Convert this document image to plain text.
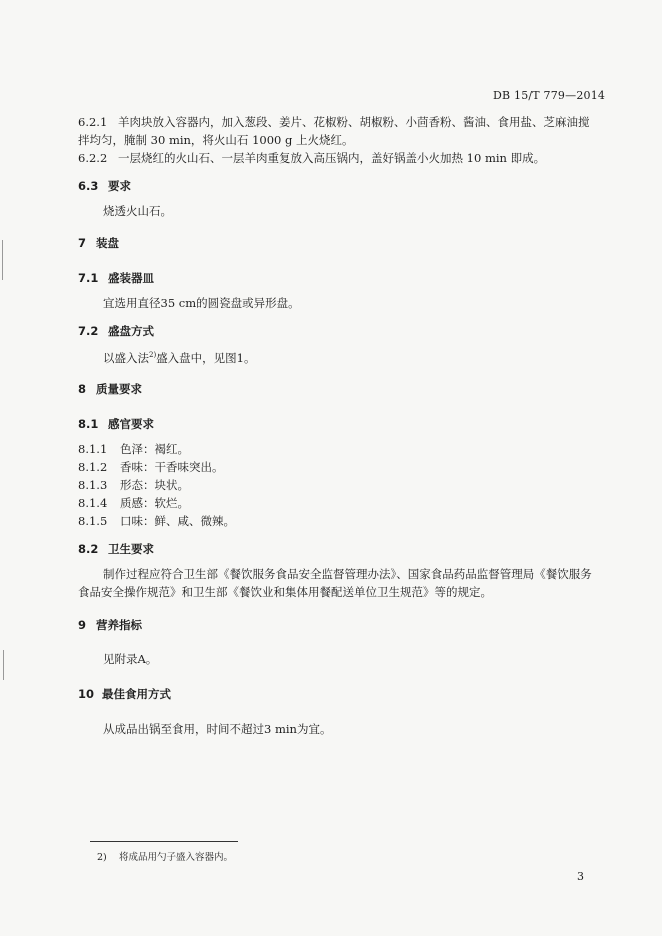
DB 15/T 779—2014
6.2.1 羊肉块放入容器内，加入葱段、姜片、花椒粉、胡椒粉、小茴香粉、酱油、食用盐、芝麻油搅
拌均匀，腌制 30 min，将火山石 1000 g 上火烧红。
6.2.2 一层烧红的火山石、一层羊肉重复放入高压锅内，盖好锅盖小火加热 10 min 即成。
6.3 要求
烧透火山石。
7 装盘
7.1 盛装器皿
宜选用直径35 cm的圆瓷盘或异形盘。
7.2 盛盘方式
以盛入法$^{2)}$盛入盘中，见图1。
8 质量要求
8.1 感官要求
8.1.1 色泽：褐红。
8.1.2 香味：干香味突出。
8.1.3 形态：块状。
8.1.4 质感：软烂。
8.1.5 口味：鲜、咸、微辣。
8.2 卫生要求
制作过程应符合卫生部《餐饮服务食品安全监督管理办法》、国家食品药品监督管理局《餐饮服务
食品安全操作规范》和卫生部《餐饮业和集体用餐配送单位卫生规范》等的规定。
9 营养指标
见附录A。
10 最佳食用方式
从成品出锅至食用，时间不超过3 min为宜。
2) 将成品用勺子盛入容器内。
3
